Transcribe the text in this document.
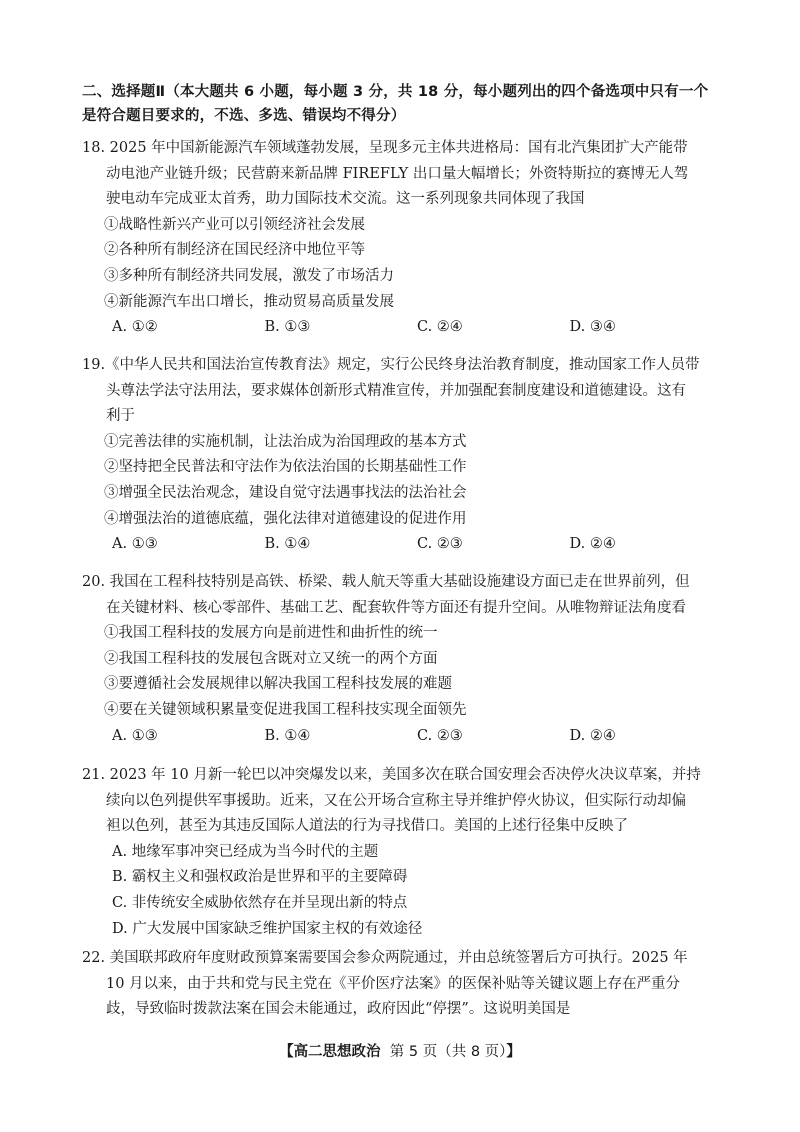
二、选择题Ⅱ（本大题共 6 小题，每小题 3 分，共 18 分，每小题列出的四个备选项中只有一个是符合题目要求的，不选、多选、错误均不得分）

18. 2025 年中国新能源汽车领域蓬勃发展，呈现多元主体共进格局：国有北汽集团扩大产能带

动电池产业链升级；民营蔚来新品牌 FIREFLY 出口量大幅增长；外资特斯拉的赛博无人驾

驶电动车完成亚太首秀，助力国际技术交流。这一系列现象共同体现了我国

①战略性新兴产业可以引领经济社会发展

②各种所有制经济在国民经济中地位平等

③多种所有制经济共同发展，激发了市场活力

④新能源汽车出口增长，推动贸易高质量发展

A. ①②	B. ①③	C. ②④	D. ③④

19.《中华人民共和国法治宣传教育法》规定，实行公民终身法治教育制度，推动国家工作人员带

头尊法学法守法用法，要求媒体创新形式精准宣传，并加强配套制度建设和道德建设。这有

利于

①完善法律的实施机制，让法治成为治国理政的基本方式

②坚持把全民普法和守法作为依法治国的长期基础性工作

③增强全民法治观念，建设自觉守法遇事找法的法治社会

④增强法治的道德底蕴，强化法律对道德建设的促进作用

A. ①③	B. ①④	C. ②③	D. ②④

20. 我国在工程科技特别是高铁、桥梁、载人航天等重大基础设施建设方面已走在世界前列，但

在关键材料、核心零部件、基础工艺、配套软件等方面还有提升空间。从唯物辩证法角度看

①我国工程科技的发展方向是前进性和曲折性的统一

②我国工程科技的发展包含既对立又统一的两个方面

③要遵循社会发展规律以解决我国工程科技发展的难题

④要在关键领域积累量变促进我国工程科技实现全面领先

A. ①③	B. ①④	C. ②③	D. ②④

21. 2023 年 10 月新一轮巴以冲突爆发以来，美国多次在联合国安理会否决停火决议草案，并持

续向以色列提供军事援助。近来，又在公开场合宣称主导并维护停火协议，但实际行动却偏

袒以色列，甚至为其违反国际人道法的行为寻找借口。美国的上述行径集中反映了

A. 地缘军事冲突已经成为当今时代的主题

B. 霸权主义和强权政治是世界和平的主要障碍

C. 非传统安全威胁依然存在并呈现出新的特点

D. 广大发展中国家缺乏维护国家主权的有效途径

22. 美国联邦政府年度财政预算案需要国会参众两院通过，并由总统签署后方可执行。2025 年

10 月以来，由于共和党与民主党在《平价医疗法案》的医保补贴等关键议题上存在严重分

歧，导致临时拨款法案在国会未能通过，政府因此“停摆”。这说明美国是

【高二思想政治 第 5 页（共 8 页）】
